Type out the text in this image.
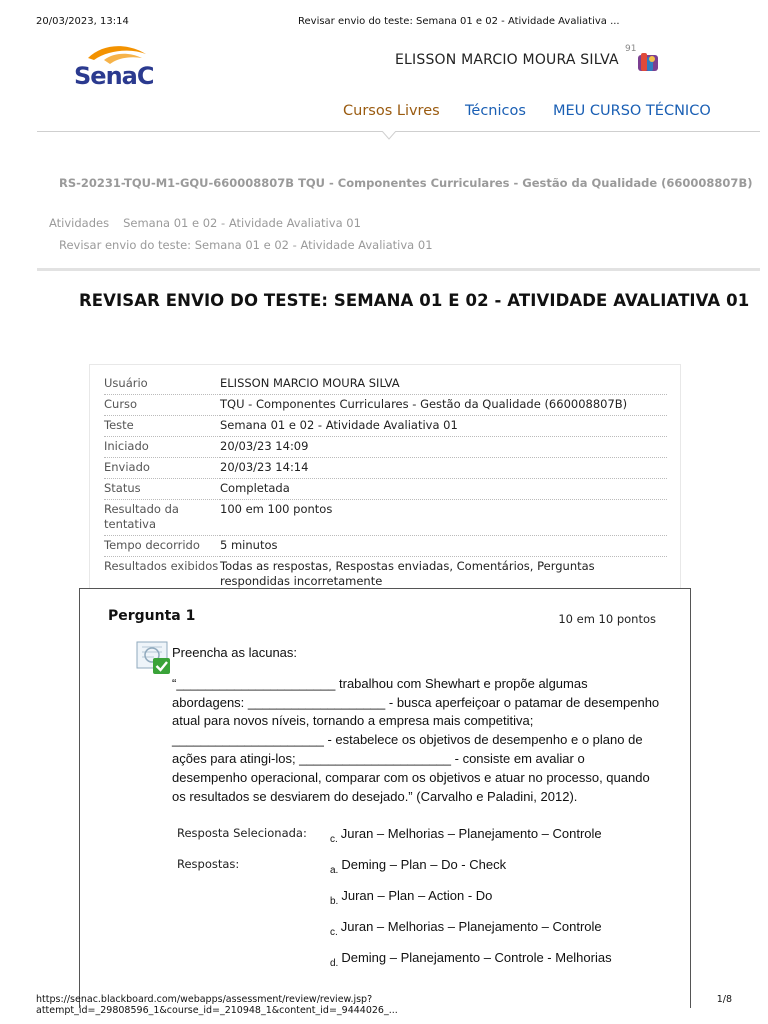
20/03/2023, 13:14	Revisar envio do teste: Semana 01 e 02 - Atividade Avaliativa ...
SenaC
ELISSON MARCIO MOURA SILVA
91
Cursos Livres Técnicos MEU CURSO TÉCNICO
RS-20231-TQU-M1-GQU-660008807B TQU - Componentes Curriculares - Gestão da Qualidade (660008807B)
Atividades Semana 01 e 02 - Atividade Avaliativa 01
Revisar envio do teste: Semana 01 e 02 - Atividade Avaliativa 01
REVISAR ENVIO DO TESTE: SEMANA 01 E 02 - ATIVIDADE AVALIATIVA 01
Usuário	ELISSON MARCIO MOURA SILVA
Curso	TQU - Componentes Curriculares - Gestão da Qualidade (660008807B)
Teste	Semana 01 e 02 - Atividade Avaliativa 01
Iniciado	20/03/23 14:09
Enviado	20/03/23 14:14
Status	Completada
Resultado da tentativa	100 em 100 pontos
Tempo decorrido	5 minutos
Resultados exibidos	Todas as respostas, Respostas enviadas, Comentários, Perguntas respondidas incorretamente
Pergunta 1	10 em 10 pontos

Preencha as lacunas:

“______________________ trabalhou com Shewhart e propõe algumas abordagens: ___________________ - busca aperfeiçoar o patamar de desempenho atual para novos níveis, tornando a empresa mais competitiva; _____________________ - estabelece os objetivos de desempenho e o plano de ações para atingi-los; _____________________ - consiste em avaliar o desempenho operacional, comparar com os objetivos e atuar no processo, quando os resultados se desviarem do desejado.” (Carvalho e Paladini, 2012).

Resposta Selecionada: $_{c.}$ Juran – Melhorias – Planejamento – Controle
Respostas:	$_{a.}$ Deming – Plan – Do - Check
$_{b.}$ Juran – Plan – Action - Do
$_{c.}$ Juran – Melhorias – Planejamento – Controle
$_{d.}$ Deming – Planejamento – Controle - Melhorias
https://senac.blackboard.com/webapps/assessment/review/review.jsp?attempt_id=_29808596_1&course_id=_210948_1&content_id=_9444026_...
1/8
